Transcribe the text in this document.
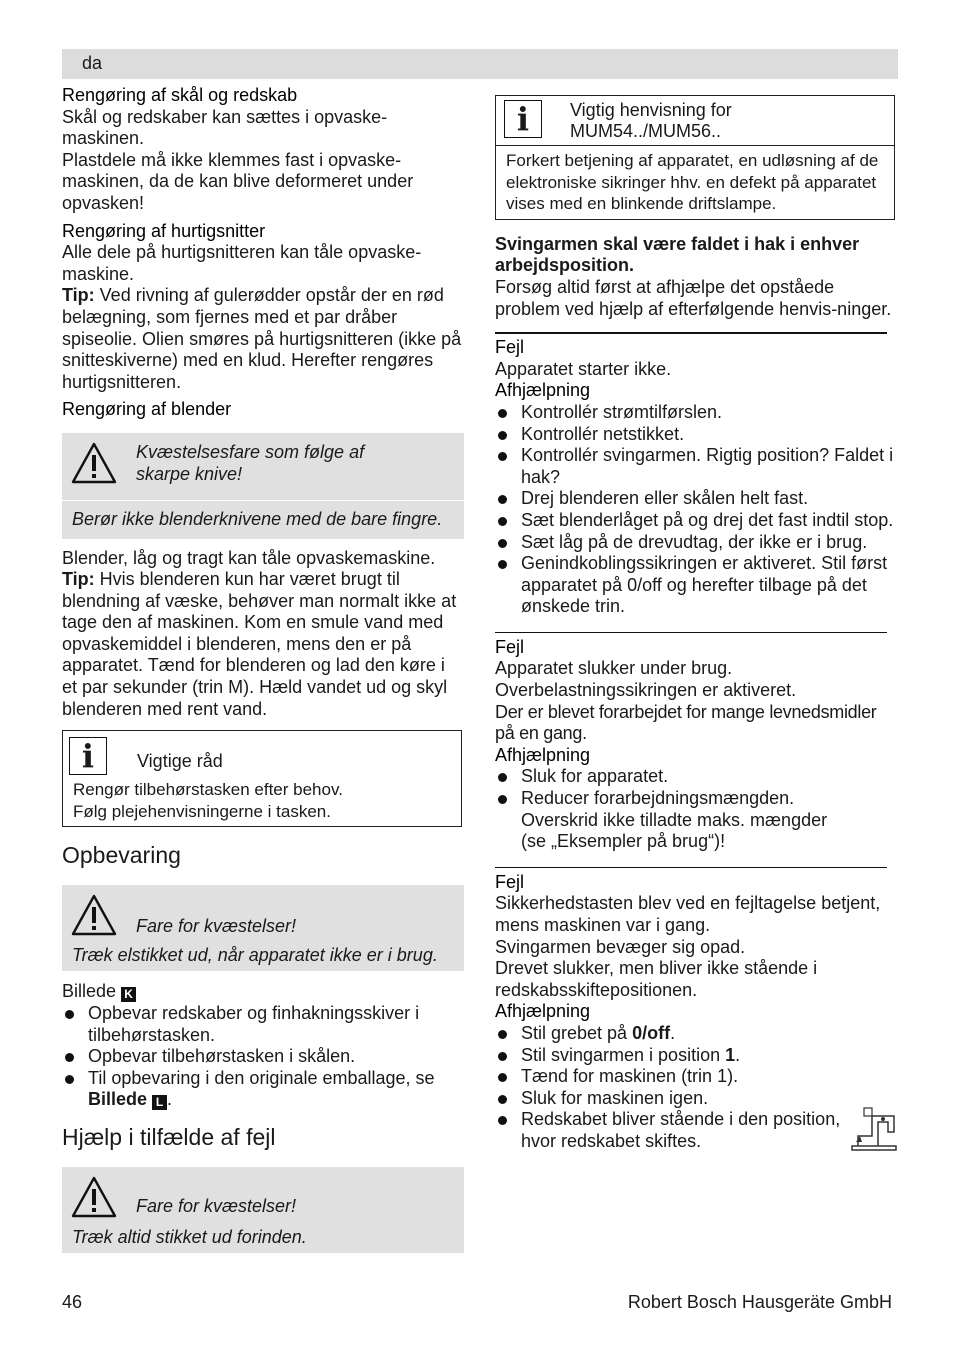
da

Rengøring af skål og redskab

Skål og redskaber kan sættes i opvaske-maskinen.

Plastdele må ikke klemmes fast i opvaske-maskinen, da de kan blive deformeret under opvasken!

Rengøring af hurtigsnitter

Alle dele på hurtigsnitteren kan tåle opvaske-maskine.

Tip: Ved rivning af gulerødder opstår der en rød belægning, som fjernes med et par dråber spiseolie. Olien smøres på hurtigsnitteren (ikke på snitteskiverne) med en klud. Herefter rengøres hurtigsnitteren.

Rengøring af blender

Kvæstelsesfare som følge af skarpe knive!
Berør ikke blenderknivene med de bare fingre.

Blender, låg og tragt kan tåle opvaskemaskine.

Tip: Hvis blenderen kun har været brugt til blendning af væske, behøver man normalt ikke at tage den af maskinen. Kom en smule vand med opvaskemiddel i blenderen, mens den er på apparatet. Tænd for blenderen og lad den køre i et par sekunder (trin M). Hæld vandet ud og skyl blenderen med rent vand.

i	Vigtige råd
Rengør tilbehørstasken efter behov.
Følg plejehenvisningerne i tasken.

Opbevaring

Fare for kvæstelser!
Træk elstikket ud, når apparatet ikke er i brug.

Billede K

Opbevar redskaber og finhakningsskiver i tilbehørstasken.
Opbevar tilbehørstasken i skålen.
Til opbevaring i den originale emballage, se Billede L .

Hjælp i tilfælde af fejl

Fare for kvæstelser!
Træk altid stikket ud forinden.
i	Vigtig henvisning for MUM54../MUM56..
Forkert betjening af apparatet, en udløsning af de elektroniske sikringer hhv. en defekt på apparatet vises med en blinkende driftslampe.

Svingarmen skal være faldet i hak i enhver arbejdsposition.

Forsøg altid først at afhjælpe det opståede problem ved hjælp af efterfølgende henvis-ninger.

Fejl

Apparatet starter ikke.

Afhjælpning

Kontrollér strømtilførslen.
Kontrollér netstikket.
Kontrollér svingarmen. Rigtig position? Faldet i hak?
Drej blenderen eller skålen helt fast.
Sæt blenderlåget på og drej det fast indtil stop.
Sæt låg på de drevudtag, der ikke er i brug.
Genindkoblingssikringen er aktiveret. Stil først apparatet på 0/off og herefter tilbage på det ønskede trin.

Fejl

Apparatet slukker under brug.

Overbelastningssikringen er aktiveret.

Der er blevet forarbejdet for mange levnedsmidler på en gang.

Afhjælpning

Sluk for apparatet.
Reducer forarbejdningsmængden. Overskrid ikke tilladte maks. mængder (se „Eksempler på brug“)!

Fejl

Sikkerhedstasten blev ved en fejltagelse betjent, mens maskinen var i gang.

Svingarmen bevæger sig opad.

Drevet slukker, men bliver ikke stående i redskabsskiftepositionen.

Afhjælpning

Stil grebet på 0/off.
Stil svingarmen i position 1.
Tænd for maskinen (trin 1).
Sluk for maskinen igen.
Redskabet bliver stående i den position, hvor redskabet skiftes.
46	Robert Bosch Hausgeräte GmbH
